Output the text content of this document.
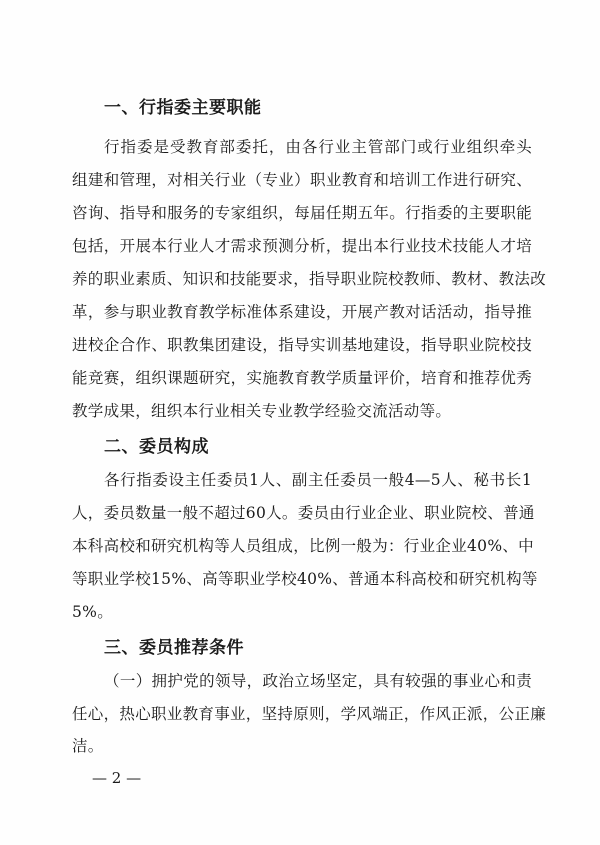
一、行指委主要职能
行指委是受教育部委托，由各行业主管部门或行业组织牵头
组建和管理，对相关行业（专业）职业教育和培训工作进行研究、
咨询、指导和服务的专家组织，每届任期五年。行指委的主要职能
包括，开展本行业人才需求预测分析，提出本行业技术技能人才培
养的职业素质、知识和技能要求，指导职业院校教师、教材、教法改
革，参与职业教育教学标准体系建设，开展产教对话活动，指导推
进校企合作、职教集团建设，指导实训基地建设，指导职业院校技
能竞赛，组织课题研究，实施教育教学质量评价，培育和推荐优秀
教学成果，组织本行业相关专业教学经验交流活动等。
二、委员构成
各行指委设主任委员1人、副主任委员一般4—5人、秘书长1
人，委员数量一般不超过60人。委员由行业企业、职业院校、普通
本科高校和研究机构等人员组成，比例一般为：行业企业40%、中
等职业学校15%、高等职业学校40%、普通本科高校和研究机构等
5%。
三、委员推荐条件
（一）拥护党的领导，政治立场坚定，具有较强的事业心和责
任心，热心职业教育事业，坚持原则，学风端正，作风正派，公正廉
洁。
— 2 —
